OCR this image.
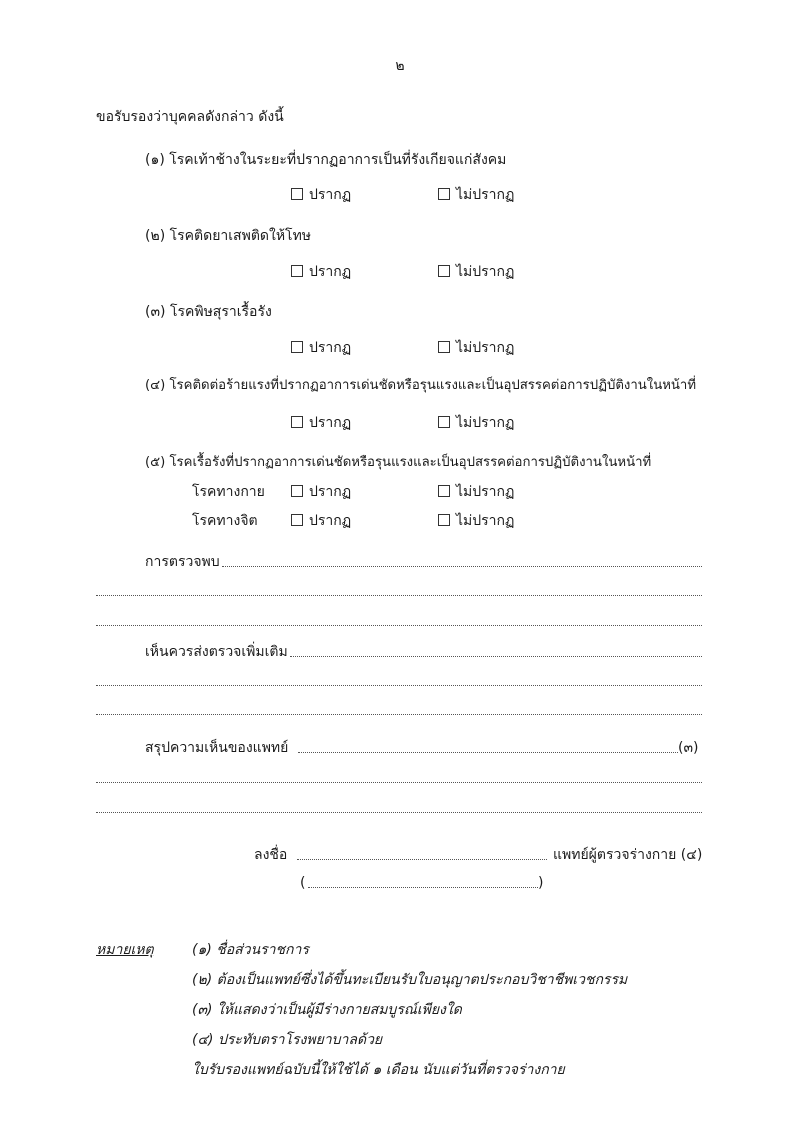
๒
ขอรับรองว่าบุคคลดังกล่าว ดังนี้
(๑) โรคเท้าช้างในระยะที่ปรากฏอาการเป็นที่รังเกียจแก่สังคม
ปรากฏ	ไม่ปรากฏ
(๒) โรคติดยาเสพติดให้โทษ
ปรากฏ	ไม่ปรากฏ
(๓) โรคพิษสุราเรื้อรัง
ปรากฏ	ไม่ปรากฏ
(๔) โรคติดต่อร้ายแรงที่ปรากฏอาการเด่นชัดหรือรุนแรงและเป็นอุปสรรคต่อการปฏิบัติงานในหน้าที่
ปรากฏ	ไม่ปรากฏ
(๕) โรคเรื้อรังที่ปรากฏอาการเด่นชัดหรือรุนแรงและเป็นอุปสรรคต่อการปฏิบัติงานในหน้าที่
โรคทางกาย	ปรากฏ	ไม่ปรากฏ
โรคทางจิต	ปรากฏ	ไม่ปรากฏ
การตรวจพบ
เห็นควรส่งตรวจเพิ่มเติม
สรุปความเห็นของแพทย์	(๓)
ลงชื่อ	แพทย์ผู้ตรวจร่างกาย (๔)
(	)
หมายเหตุ	(๑) ชื่อส่วนราชการ
(๒) ต้องเป็นแพทย์ซึ่งได้ขึ้นทะเบียนรับใบอนุญาตประกอบวิชาชีพเวชกรรม
(๓) ให้แสดงว่าเป็นผู้มีร่างกายสมบูรณ์เพียงใด
(๔) ประทับตราโรงพยาบาลด้วย
ใบรับรองแพทย์ฉบับนี้ให้ใช้ได้ ๑ เดือน นับแต่วันที่ตรวจร่างกาย
